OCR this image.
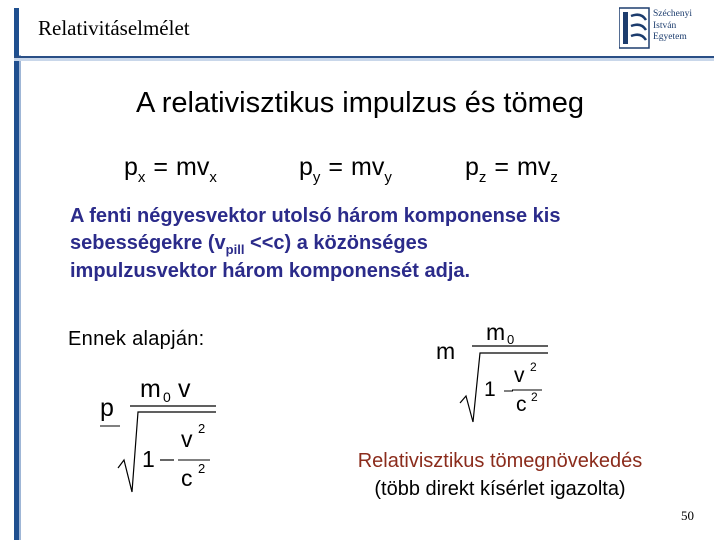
Relativitáselmélet
Széchenyi
István
Egyetem
A relativisztikus impulzus és tömeg
$p_x = mv_x$	$p_y = mv_y$	$p_z = mv_z$
A fenti négyesvektor utolsó három komponense kis
sebességekre $(v_{pill} <<c)$ a közönséges
impulzusvektor három komponensét adja.
Ennek alapján:	m
m 0
v 2
1
c 2
p
m 0 v
v 2
1
c 2	Relativisztikus tömegnövekedés
(több direkt kísérlet igazolta)
50
